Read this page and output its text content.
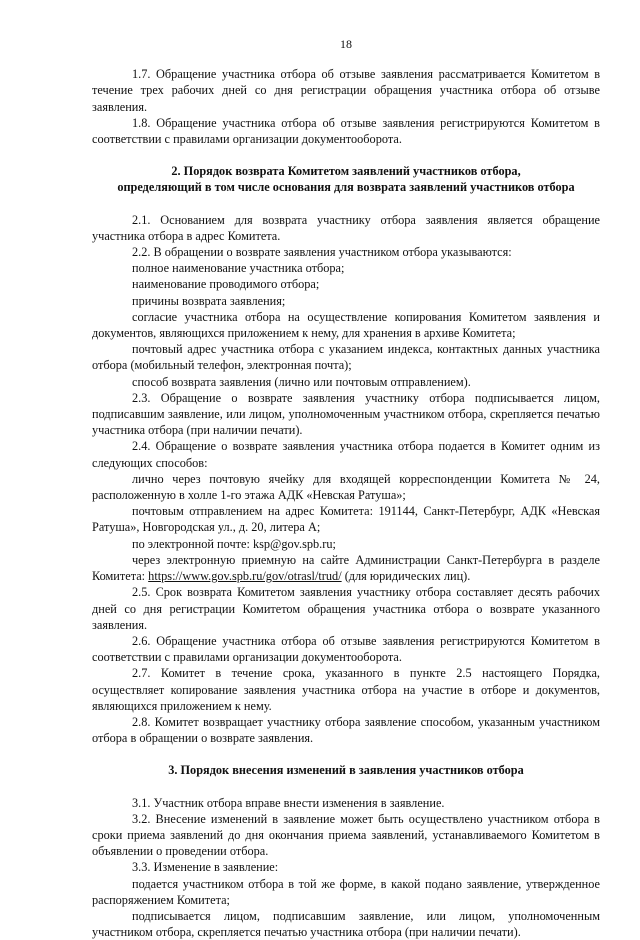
18

1.7. Обращение участника отбора об отзыве заявления рассматривается Комитетом в течение трех рабочих дней со дня регистрации обращения участника отбора об отзыве заявления.

1.8. Обращение участника отбора об отзыве заявления регистрируются Комитетом в соответствии с правилами организации документооборота.

2. Порядок возврата Комитетом заявлений участников отбора,
определяющий в том числе основания для возврата заявлений участников отбора

2.1. Основанием для возврата участнику отбора заявления является обращение участника отбора в адрес Комитета.

2.2. В обращении о возврате заявления участником отбора указываются:

полное наименование участника отбора;

наименование проводимого отбора;

причины возврата заявления;

согласие участника отбора на осуществление копирования Комитетом заявления и документов, являющихся приложением к нему, для хранения в архиве Комитета;

почтовый адрес участника отбора с указанием индекса, контактных данных участника отбора (мобильный телефон, электронная почта);

способ возврата заявления (лично или почтовым отправлением).

2.3. Обращение о возврате заявления участнику отбора подписывается лицом, подписавшим заявление, или лицом, уполномоченным участником отбора, скрепляется печатью участника отбора (при наличии печати).

2.4. Обращение о возврате заявления участника отбора подается в Комитет одним из следующих способов:

лично через почтовую ячейку для входящей корреспонденции Комитета № 24, расположенную в холле 1-го этажа АДК «Невская Ратуша»;

почтовым отправлением на адрес Комитета: 191144, Санкт-Петербург, АДК «Невская Ратуша», Новгородская ул., д. 20, литера А;

по электронной почте: ksp@gov.spb.ru;

через электронную приемную на сайте Администрации Санкт-Петербурга в разделе Комитета: https://www.gov.spb.ru/gov/otrasl/trud/ (для юридических лиц).

2.5. Срок возврата Комитетом заявления участнику отбора составляет десять рабочих дней со дня регистрации Комитетом обращения участника отбора о возврате указанного заявления.

2.6. Обращение участника отбора об отзыве заявления регистрируются Комитетом в соответствии с правилами организации документооборота.

2.7. Комитет в течение срока, указанного в пункте 2.5 настоящего Порядка, осуществляет копирование заявления участника отбора на участие в отборе и документов, являющихся приложением к нему.

2.8. Комитет возвращает участнику отбора заявление способом, указанным участником отбора в обращении о возврате заявления.

3. Порядок внесения изменений в заявления участников отбора

3.1. Участник отбора вправе внести изменения в заявление.

3.2. Внесение изменений в заявление может быть осуществлено участником отбора в сроки приема заявлений до дня окончания приема заявлений, устанавливаемого Комитетом в объявлении о проведении отбора.

3.3. Изменение в заявление:

подается участником отбора в той же форме, в какой подано заявление, утвержденное распоряжением Комитета;

подписывается лицом, подписавшим заявление, или лицом, уполномоченным участником отбора, скрепляется печатью участника отбора (при наличии печати).
